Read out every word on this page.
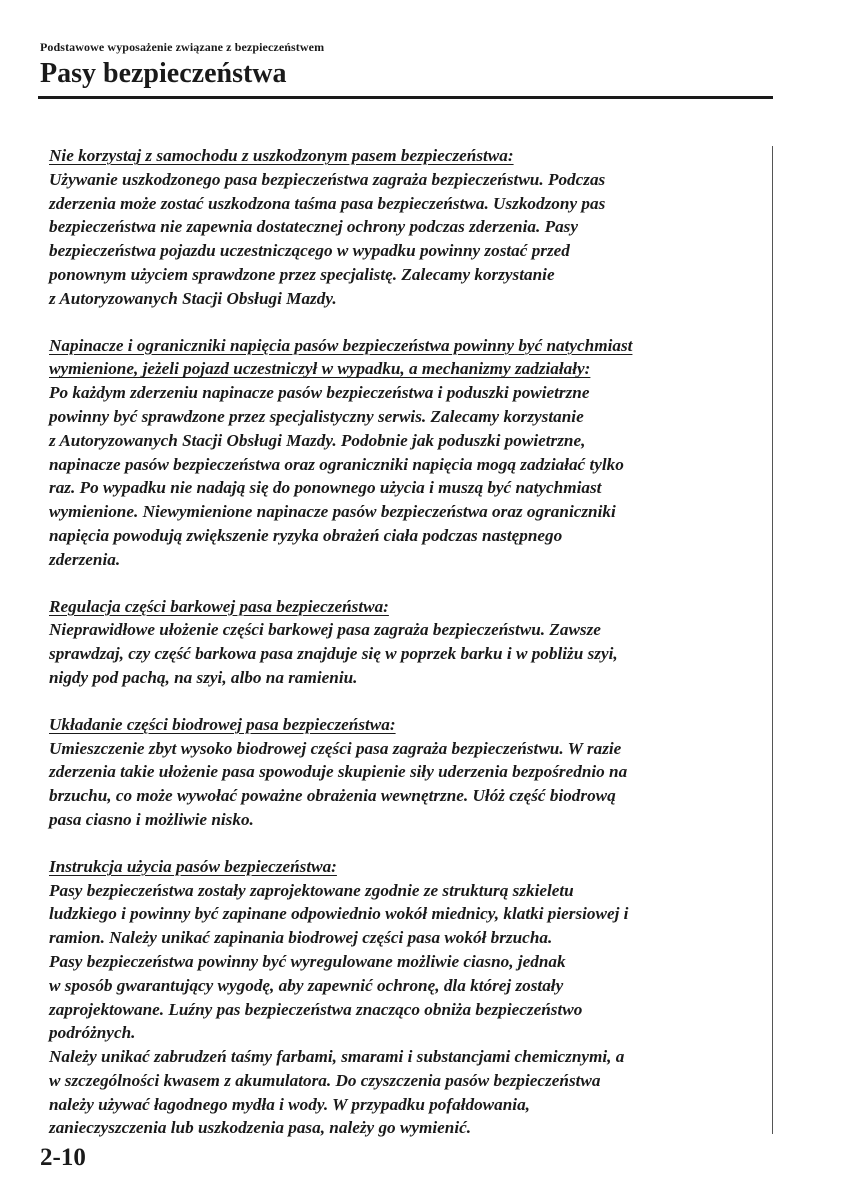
Podstawowe wyposażenie związane z bezpieczeństwem
Pasy bezpieczeństwa
Nie korzystaj z samochodu z uszkodzonym pasem bezpieczeństwa:
Używanie uszkodzonego pasa bezpieczeństwa zagraża bezpieczeństwu. Podczas
zderzenia może zostać uszkodzona taśma pasa bezpieczeństwa. Uszkodzony pas
bezpieczeństwa nie zapewnia dostatecznej ochrony podczas zderzenia. Pasy
bezpieczeństwa pojazdu uczestniczącego w wypadku powinny zostać przed
ponownym użyciem sprawdzone przez specjalistę. Zalecamy korzystanie
z Autoryzowanych Stacji Obsługi Mazdy.
Napinacze i ograniczniki napięcia pasów bezpieczeństwa powinny być natychmiast
wymienione, jeżeli pojazd uczestniczył w wypadku, a mechanizmy zadziałały:
Po każdym zderzeniu napinacze pasów bezpieczeństwa i poduszki powietrzne
powinny być sprawdzone przez specjalistyczny serwis. Zalecamy korzystanie
z Autoryzowanych Stacji Obsługi Mazdy. Podobnie jak poduszki powietrzne,
napinacze pasów bezpieczeństwa oraz ograniczniki napięcia mogą zadziałać tylko
raz. Po wypadku nie nadają się do ponownego użycia i muszą być natychmiast
wymienione. Niewymienione napinacze pasów bezpieczeństwa oraz ograniczniki
napięcia powodują zwiększenie ryzyka obrażeń ciała podczas następnego
zderzenia.
Regulacja części barkowej pasa bezpieczeństwa:
Nieprawidłowe ułożenie części barkowej pasa zagraża bezpieczeństwu. Zawsze
sprawdzaj, czy część barkowa pasa znajduje się w poprzek barku i w pobliżu szyi,
nigdy pod pachą, na szyi, albo na ramieniu.
Układanie części biodrowej pasa bezpieczeństwa:
Umieszczenie zbyt wysoko biodrowej części pasa zagraża bezpieczeństwu. W razie
zderzenia takie ułożenie pasa spowoduje skupienie siły uderzenia bezpośrednio na
brzuchu, co może wywołać poważne obrażenia wewnętrzne. Ułóż część biodrową
pasa ciasno i możliwie nisko.
Instrukcja użycia pasów bezpieczeństwa:
Pasy bezpieczeństwa zostały zaprojektowane zgodnie ze strukturą szkieletu
ludzkiego i powinny być zapinane odpowiednio wokół miednicy, klatki piersiowej i
ramion. Należy unikać zapinania biodrowej części pasa wokół brzucha.
Pasy bezpieczeństwa powinny być wyregulowane możliwie ciasno, jednak
w sposób gwarantujący wygodę, aby zapewnić ochronę, dla której zostały
zaprojektowane. Luźny pas bezpieczeństwa znacząco obniża bezpieczeństwo
podróżnych.
Należy unikać zabrudzeń taśmy farbami, smarami i substancjami chemicznymi, a
w szczególności kwasem z akumulatora. Do czyszczenia pasów bezpieczeństwa
należy używać łagodnego mydła i wody. W przypadku pofałdowania,
zanieczyszczenia lub uszkodzenia pasa, należy go wymienić.
2-10
